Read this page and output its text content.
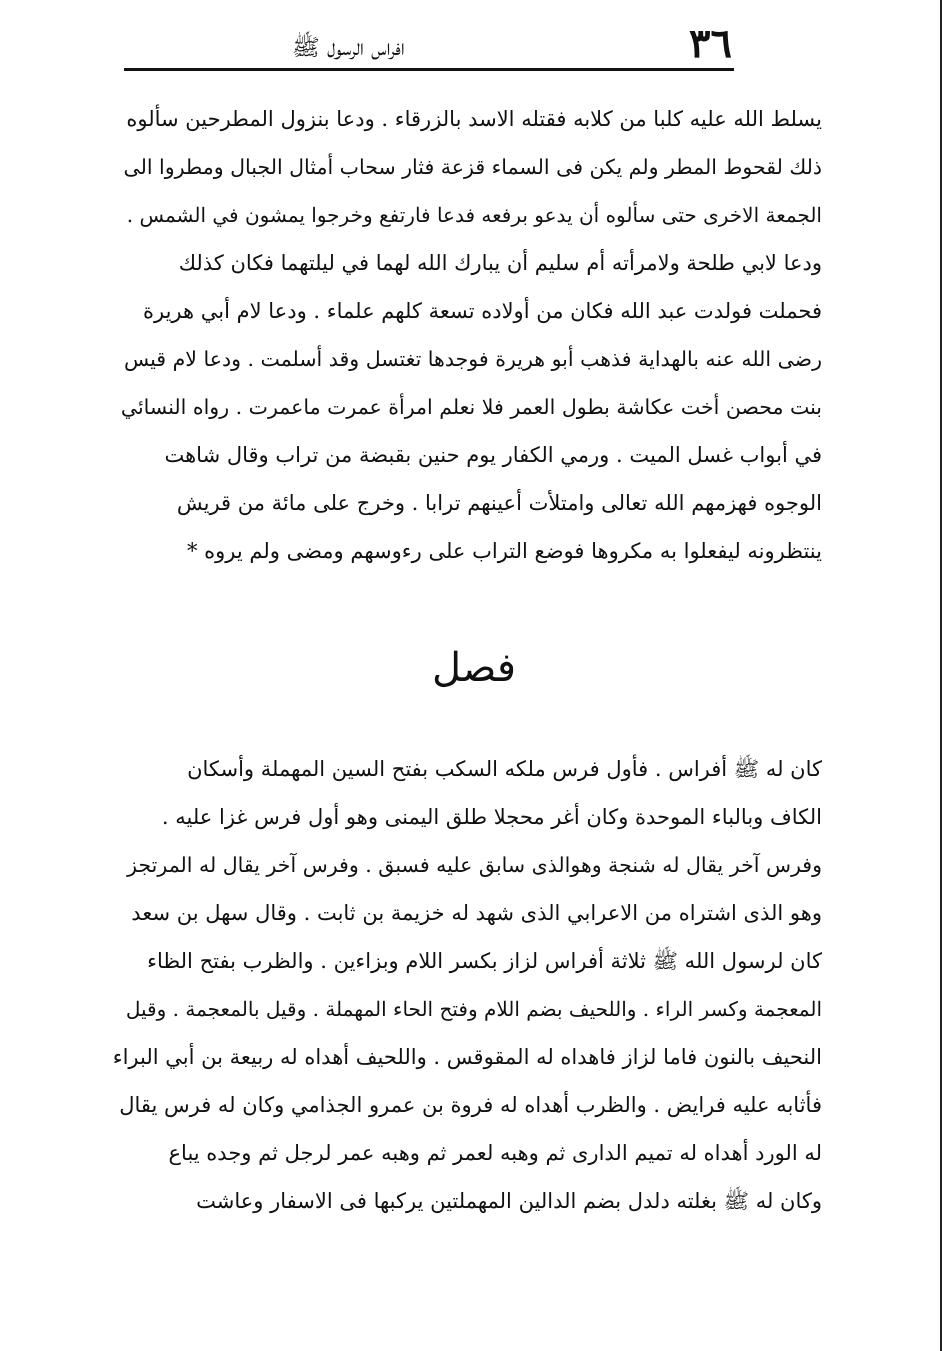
٣٦
افراس الرسول ﷺ

يسلط الله عليه كلبا من كلابه فقتله الاسد بالزرقاء . ودعا بنزول المطرحين سألوه
ذلك لقحوط المطر ولم يكن فى السماء قزعة فثار سحاب أمثال الجبال ومطروا الى
الجمعة الاخرى حتى سألوه أن يدعو برفعه فدعا فارتفع وخرجوا يمشون في الشمس .
ودعا لابي طلحة ولامرأته أم سليم أن يبارك الله لهما في ليلتهما فكان كذلك
فحملت فولدت عبد الله فكان من أولاده تسعة كلهم علماء . ودعا لام أبي هريرة
رضى الله عنه بالهداية فذهب أبو هريرة فوجدها تغتسل وقد أسلمت . ودعا لام قيس
بنت محصن أخت عكاشة بطول العمر فلا نعلم امرأة عمرت ماعمرت . رواه النسائي
في أبواب غسل الميت . ورمي الكفار يوم حنين بقبضة من تراب وقال شاهت
الوجوه فهزمهم الله تعالى وامتلأت أعينهم ترابا . وخرج على مائة من قريش
ينتظرونه ليفعلوا به مكروها فوضع التراب على رءوسهم ومضى ولم يروه *

فصل

كان له ﷺ أفراس . فأول فرس ملكه السكب بفتح السين المهملة وأسكان
الكاف وبالباء الموحدة وكان أغر محجلا طلق اليمنى وهو أول فرس غزا عليه .
وفرس آخر يقال له شنجة وهوالذى سابق عليه فسبق . وفرس آخر يقال له المرتجز
وهو الذى اشتراه من الاعرابي الذى شهد له خزيمة بن ثابت . وقال سهل بن سعد
كان لرسول الله ﷺ ثلاثة أفراس لزاز بكسر اللام وبزاءين . والظرب بفتح الظاء
المعجمة وكسر الراء . واللحيف بضم اللام وفتح الحاء المهملة . وقيل بالمعجمة . وقيل
النحيف بالنون فاما لزاز فاهداه له المقوقس . واللحيف أهداه له ربيعة بن أبي البراء
فأثابه عليه فرايض . والظرب أهداه له فروة بن عمرو الجذامي وكان له فرس يقال
له الورد أهداه له تميم الدارى ثم وهبه لعمر ثم وهبه عمر لرجل ثم وجده يباع
وكان له ﷺ بغلته دلدل بضم الدالين المهملتين يركبها فى الاسفار وعاشت
